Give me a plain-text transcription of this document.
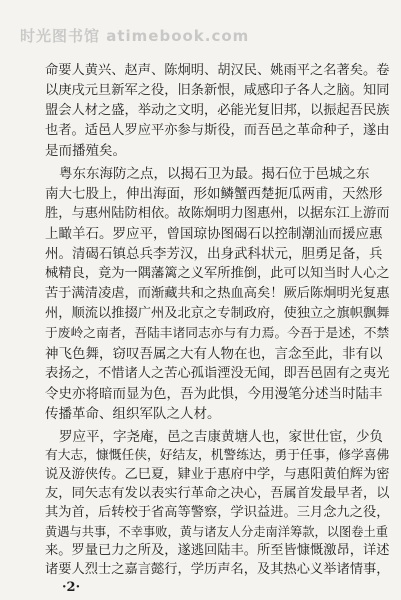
时光图书馆 atimebook.com
命要人黄兴、赵声、陈炯明、胡汉民、姚雨平之名著矣。卷
以庚戌元旦新军之役，旧条新恨，咸感印子各人之脑。知同
盟会人材之盛，举动之文明，必能光复旧邦，以振起吾民族
也者。适邑人罗应平亦参与斯役，而吾邑之革命种子，遂由
是而播殖矣。
粤东东海防之点，以揭石卫为最。揭石位于邑城之东
南大七股上，伸出海面，形如鳞蟹西楚扼瓜两甫，天然形
胜，与惠州陆防相依。故陈炯明力图惠州，以据东江上游而
上瞰羊石。罗应平，曾国琼协图碣石以控制潮汕而援应惠
州。清碣石镇总兵李芳汉，出身武科状元，胆勇足备，兵
械精良，竟为一隅藩篱之义军所推倒，此可以知当时人心之
苦于满清凌虐，而渐藏共和之热血高矣！厥后陈炯明光复惠
州，顺流以推掇广州及北京之专制政府，使独立之旗帜飘舞
于废岭之南者，吾陆丰诸同志亦与有力焉。今吾于是述，不禁
神飞色舞，窃叹吾属之大有人物在也，言念至此，非有以
表扬之，不惜诸人之苦心孤诣湮没无闻，即吾邑固有之夷光
令史亦将暗而显为色，吾为此惧，今用漫笔分述当时陆丰
传播革命、组织军队之人材。
罗应平，字尧庵，邑之吉康黄塘人也，家世仕宦，少负
有大志，慷慨任侠，好结友，机警练达，勇于任事，修学喜佛
说及游侠传。乙巳夏，肄业于惠府中学，与惠阳黄伯辉为密
友，同矢志有发以表实行革命之决心，吾属首发最早者，以
其为首，后转校于省高等警察，学识益进。三月念九之役，
黄遇与共事，不幸事败，黄与诸友人分走南洋筹款，以图卷土重
来。罗量已力之所及，遂逃回陆丰。所至皆慷慨激昂，详述
诸要人烈士之嘉言懿行，学历声名，及其热心义举诸情事，
·2·
